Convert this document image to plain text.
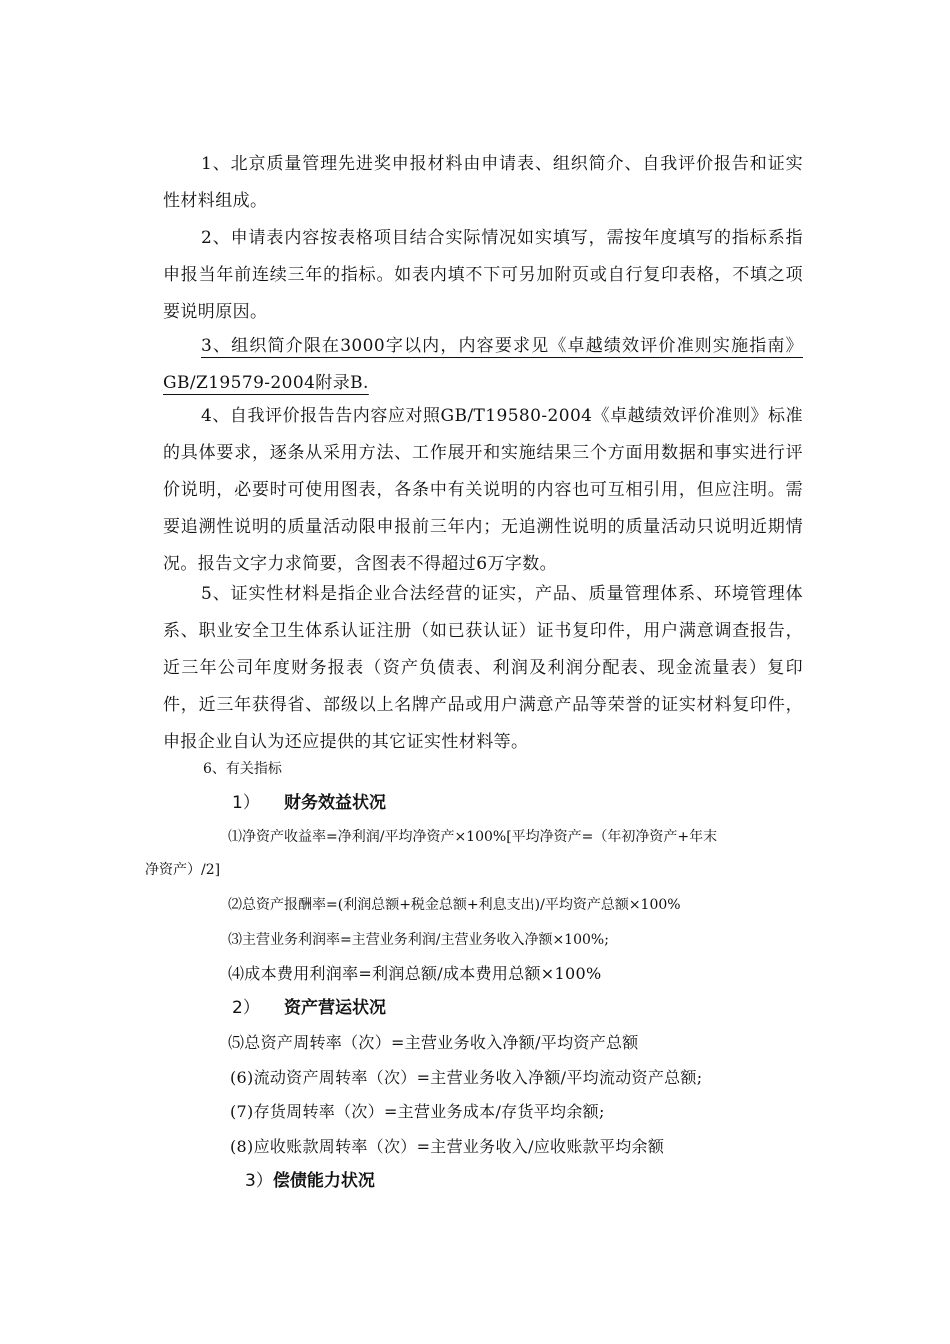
1、北京质量管理先进奖申报材料由申请表、组织简介、自我评价报告和证实性材料组成。

2、申请表内容按表格项目结合实际情况如实填写，需按年度填写的指标系指申报当年前连续三年的指标。如表内填不下可另加附页或自行复印表格，不填之项要说明原因。

3、组织简介限在3000字以内，内容要求见《卓越绩效评价准则实施指南》GB/Z19579-2004附录B.

4、自我评价报告告内容应对照GB/T19580-2004《卓越绩效评价准则》标准的具体要求，逐条从采用方法、工作展开和实施结果三个方面用数据和事实进行评价说明，必要时可使用图表，各条中有关说明的内容也可互相引用，但应注明。需要追溯性说明的质量活动限申报前三年内；无追溯性说明的质量活动只说明近期情况。报告文字力求简要，含图表不得超过6万字数。

5、证实性材料是指企业合法经营的证实，产品、质量管理体系、环境管理体系、职业安全卫生体系认证注册（如已获认证）证书复印件，用户满意调查报告，近三年公司年度财务报表（资产负债表、利润及利润分配表、现金流量表）复印件，近三年获得省、部级以上名牌产品或用户满意产品等荣誉的证实材料复印件，申报企业自认为还应提供的其它证实性材料等。

6、有关指标

1） 财务效益状况

⑴净资产收益率=净利润/平均净资产×100%[平均净资产=（年初净资产+年末

净资产）/2]

⑵总资产报酬率=(利润总额+税金总额+利息支出)/平均资产总额×100%

⑶主营业务利润率=主营业务利润/主营业务收入净额×100%;

⑷成本费用利润率=利润总额/成本费用总额×100%

2） 资产营运状况

⑸总资产周转率（次）=主营业务收入净额/平均资产总额

(6)流动资产周转率（次）=主营业务收入净额/平均流动资产总额;

(7)存货周转率（次）=主营业务成本/存货平均余额;

(8)应收账款周转率（次）=主营业务收入/应收账款平均余额

3）偿债能力状况
